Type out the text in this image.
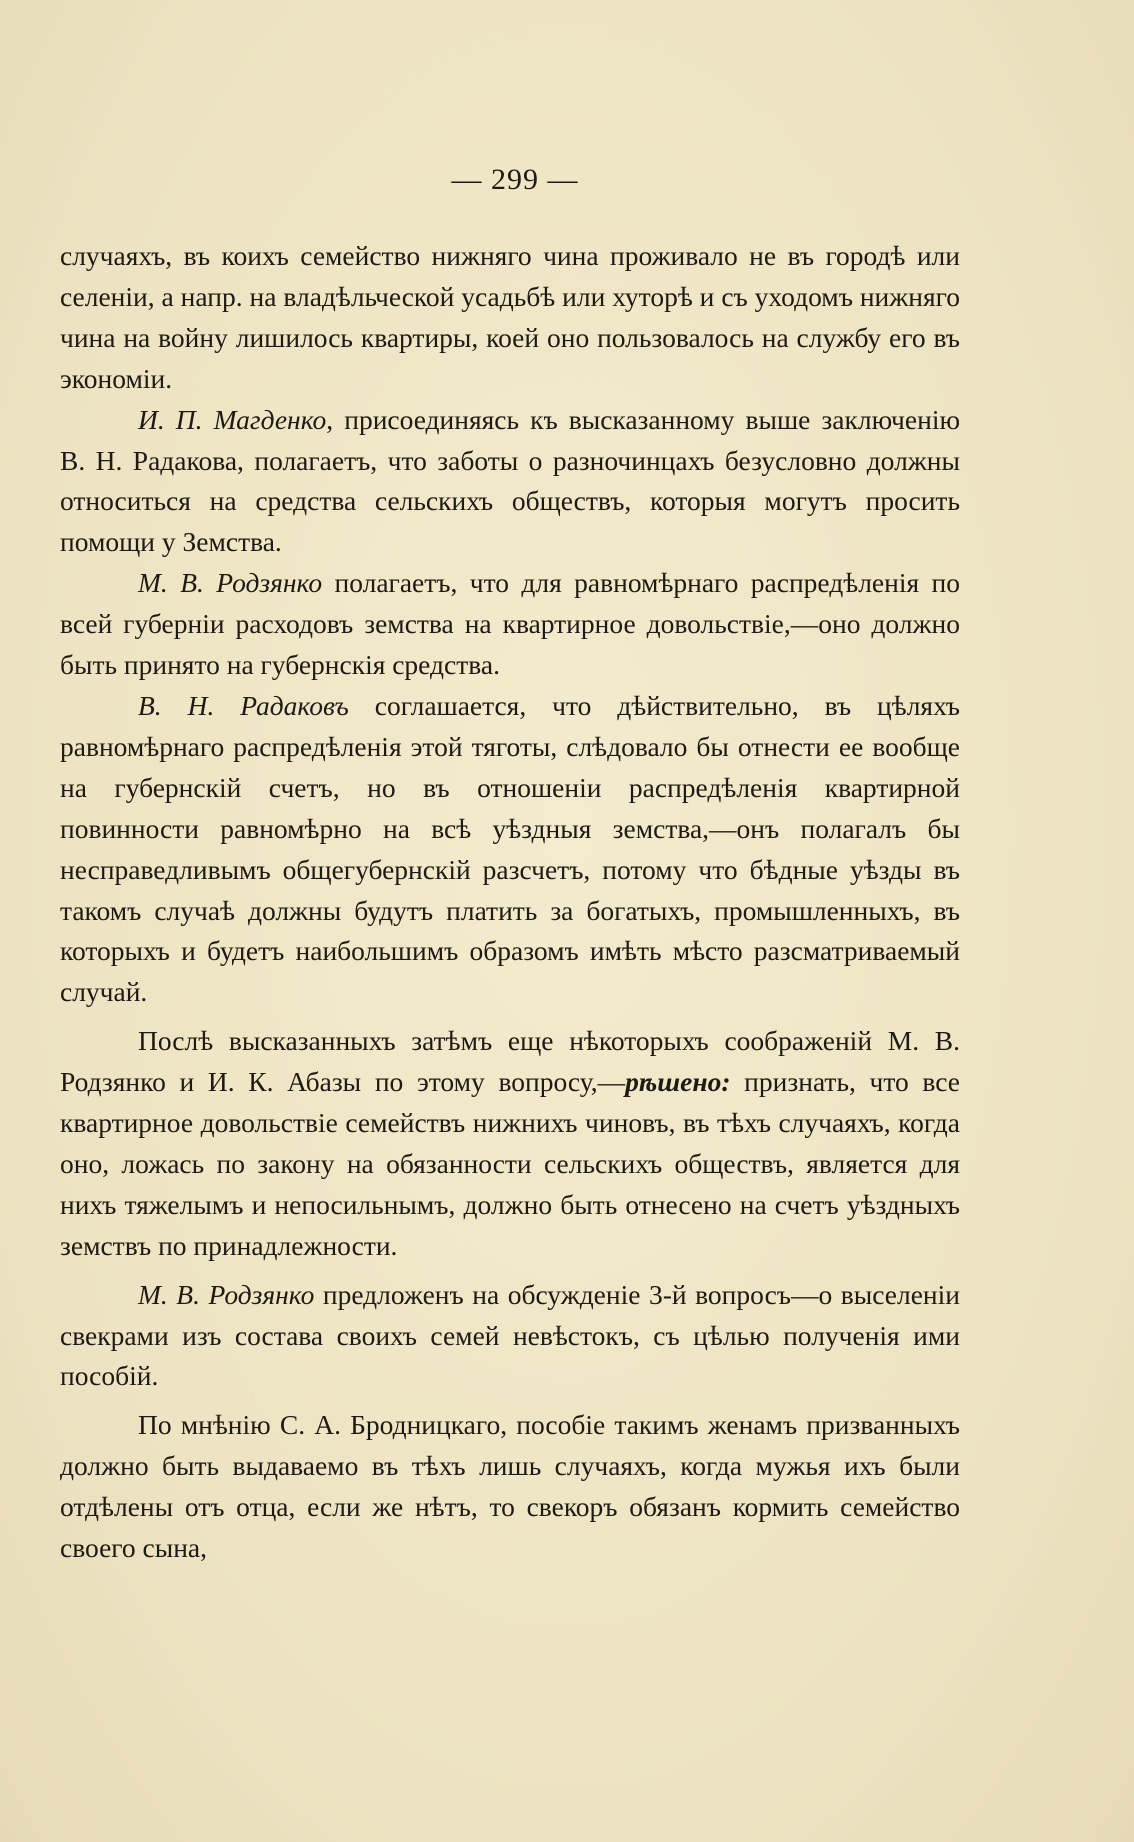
— 299 —

случаяхъ, въ коихъ семейство нижняго чина проживало не въ городѣ или селенiи, а напр. на владѣльческой усадьбѣ или хуторѣ и съ уходомъ нижняго чина на войну лишилось квартиры, коей оно пользовалось на службу его въ экономiи.

И. П. Магденко, присоединяясь къ высказанному выше заключенiю В. Н. Радакова, полагаетъ, что заботы о разночинцахъ безусловно должны относиться на средства сельскихъ обществъ, которыя могутъ просить помощи у Земства.

М. В. Родзянко полагаетъ, что для равномѣрнаго распредѣленiя по всей губернiи расходовъ земства на квартирное довольствiе,—оно должно быть принято на губернскiя средства.

В. Н. Радаковъ соглашается, что дѣйствительно, въ цѣляхъ равномѣрнаго распредѣленiя этой тяготы, слѣдовало бы отнести ее вообще на губернскiй счетъ, но въ отношенiи распредѣленiя квартирной повинности равномѣрно на всѣ уѣздныя земства,—онъ полагалъ бы несправедливымъ общегубернскiй разсчетъ, потому что бѣдные уѣзды въ такомъ случаѣ должны будутъ платить за богатыхъ, промышленныхъ, въ которыхъ и будетъ наибольшимъ образомъ имѣть мѣсто разсматриваемый случай.

Послѣ высказанныхъ затѣмъ еще нѣкоторыхъ соображенiй М. В. Родзянко и И. К. Абазы по этому вопросу,—рѣшено: признать, что все квартирное довольствiе семействъ нижнихъ чиновъ, въ тѣхъ случаяхъ, когда оно, ложась по закону на обязанности сельскихъ обществъ, является для нихъ тяжелымъ и непосильнымъ, должно быть отнесено на счетъ уѣздныхъ земствъ по принадлежности.

М. В. Родзянко предложенъ на обсужденiе 3-й вопросъ—о выселенiи свекрами изъ состава своихъ семей невѣстокъ, съ цѣлью полученiя ими пособiй.

По мнѣнiю С. А. Бродницкаго, пособiе такимъ женамъ призванныхъ должно быть выдаваемо въ тѣхъ лишь случаяхъ, когда мужья ихъ были отдѣлены отъ отца, если же нѣтъ, то свекоръ обязанъ кормить семейство своего сына,
